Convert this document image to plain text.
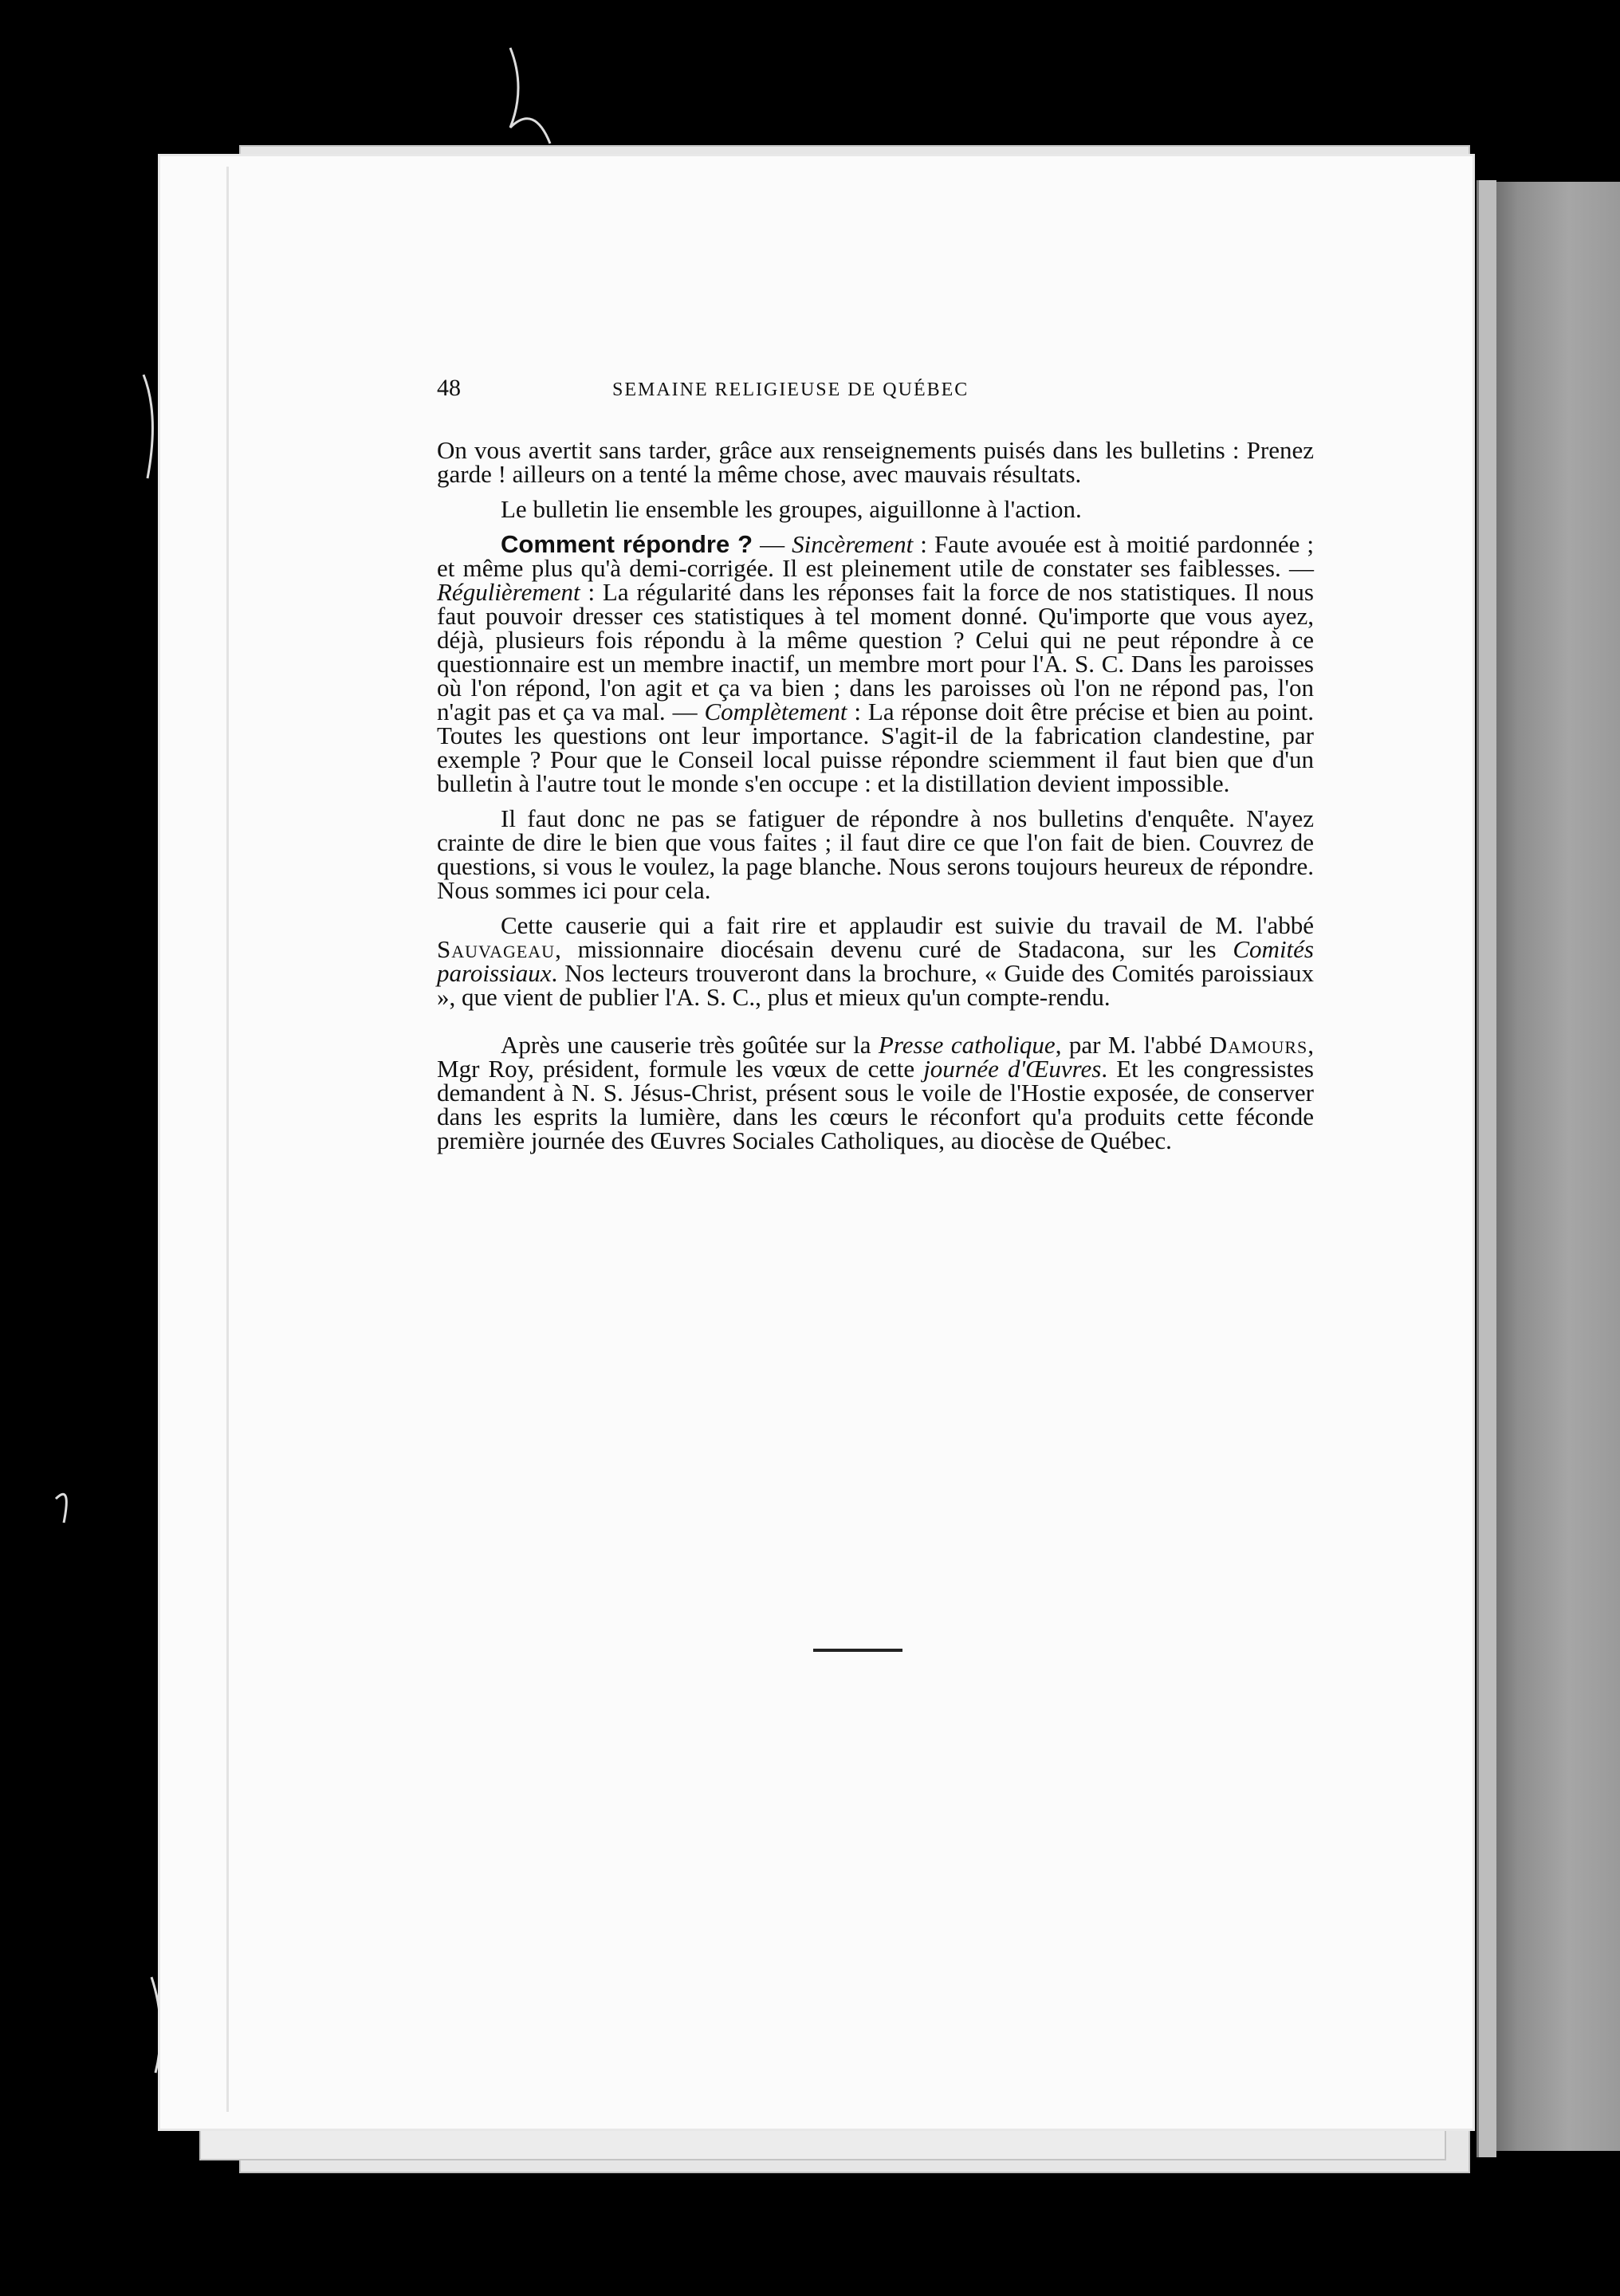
48	SEMAINE RELIGIEUSE DE QUÉBEC

On vous avertit sans tarder, grâce aux renseignements puisés dans les bulletins : Prenez garde ! ailleurs on a tenté la même chose, avec mauvais résultats.

Le bulletin lie ensemble les groupes, aiguillonne à l'action.

Comment répondre ? — Sincèrement : Faute avouée est à moitié pardonnée ; et même plus qu'à demi-corrigée. Il est pleinement utile de constater ses faiblesses. — Régulièrement : La régularité dans les réponses fait la force de nos statistiques. Il nous faut pouvoir dresser ces statistiques à tel moment donné. Qu'importe que vous ayez, déjà, plusieurs fois répondu à la même question ? Celui qui ne peut répondre à ce questionnaire est un membre inactif, un membre mort pour l'A. S. C. Dans les paroisses où l'on répond, l'on agit et ça va bien ; dans les paroisses où l'on ne répond pas, l'on n'agit pas et ça va mal. — Complètement : La réponse doit être précise et bien au point. Toutes les questions ont leur importance. S'agit-il de la fabrication clandestine, par exemple ? Pour que le Conseil local puisse répondre sciemment il faut bien que d'un bulletin à l'autre tout le monde s'en occupe : et la distillation devient impossible.

Il faut donc ne pas se fatiguer de répondre à nos bulletins d'enquête. N'ayez crainte de dire le bien que vous faites ; il faut dire ce que l'on fait de bien. Couvrez de questions, si vous le voulez, la page blanche. Nous serons toujours heureux de répondre. Nous sommes ici pour cela.

Cette causerie qui a fait rire et applaudir est suivie du travail de M. l'abbé Sauvageau, missionnaire diocésain devenu curé de Stadacona, sur les Comités paroissiaux. Nos lecteurs trouveront dans la brochure, « Guide des Comités paroissiaux », que vient de publier l'A. S. C., plus et mieux qu'un compte-rendu.

Après une causerie très goûtée sur la Presse catholique, par M. l'abbé Damours, Mgr Roy, président, formule les vœux de cette journée d'Œuvres. Et les congressistes demandent à N. S. Jésus-Christ, présent sous le voile de l'Hostie exposée, de conserver dans les esprits la lumière, dans les cœurs le réconfort qu'a produits cette féconde première journée des Œuvres Sociales Catholiques, au diocèse de Québec.
